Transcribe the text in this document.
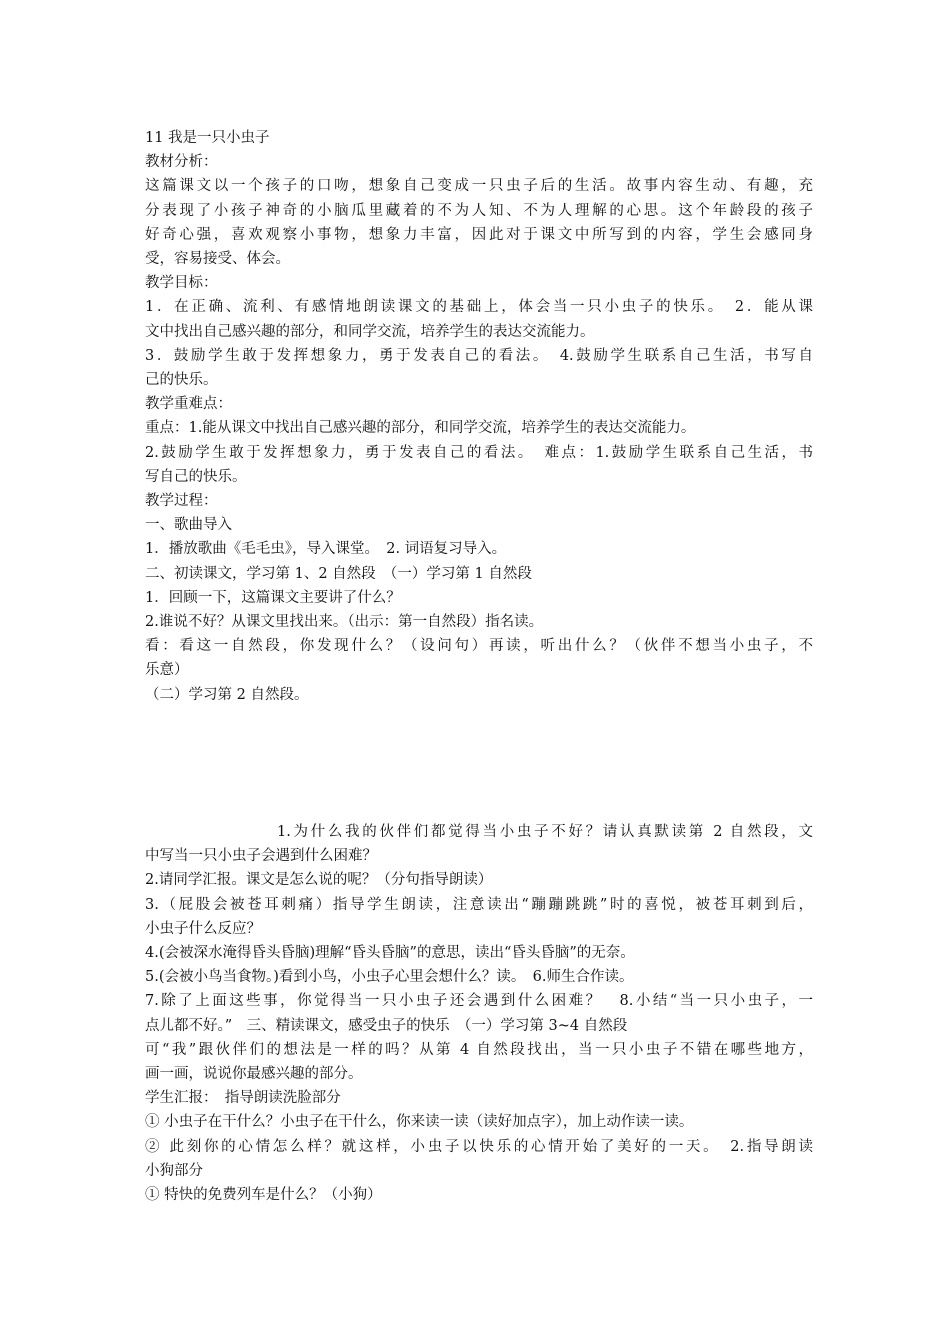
11 我是一只小虫子
教材分析：
这篇课文以一个孩子的口吻，想象自己变成一只虫子后的生活。故事内容生动、有趣，充
分表现了小孩子神奇的小脑瓜里藏着的不为人知、不为人理解的心思。这个年龄段的孩子
好奇心强，喜欢观察小事物，想象力丰富，因此对于课文中所写到的内容，学生会感同身
受，容易接受、体会。
教学目标：
1．在正确、流利、有感情地朗读课文的基础上，体会当一只小虫子的快乐。　2．能从课
文中找出自己感兴趣的部分，和同学交流，培养学生的表达交流能力。
3．鼓励学生敢于发挥想象力，勇于发表自己的看法。　4.鼓励学生联系自己生活，书写自
己的快乐。
教学重难点：
重点：1.能从课文中找出自己感兴趣的部分，和同学交流，培养学生的表达交流能力。
2.鼓励学生敢于发挥想象力，勇于发表自己的看法。　难点：1.鼓励学生联系自己生活，书
写自己的快乐。
教学过程：
一、歌曲导入
1．播放歌曲《毛毛虫》，导入课堂。　2. 词语复习导入。
二、初读课文，学习第 1、2 自然段　（一）学习第 1 自然段
1．回顾一下，这篇课文主要讲了什么？
2.谁说不好？从课文里找出来。（出示：第一自然段）指名读。
看：看这一自然段，你发现什么？（设问句）再读，听出什么？（伙伴不想当小虫子，不
乐意）
（二）学习第 2 自然段。
1.为什么我的伙伴们都觉得当小虫子不好？请认真默读第 2 自然段，文
中写当一只小虫子会遇到什么困难？
2.请同学汇报。课文是怎么说的呢？（分句指导朗读）
3.（屁股会被苍耳刺痛）指导学生朗读，注意读出“蹦蹦跳跳”时的喜悦，被苍耳刺到后，
小虫子什么反应？
4.(会被深水淹得昏头昏脑)理解“昏头昏脑”的意思，读出“昏头昏脑”的无奈。
5.(会被小鸟当食物。)看到小鸟，小虫子心里会想什么？读。　6.师生合作读。
7.除了上面这些事，你觉得当一只小虫子还会遇到什么困难？　8.小结“当一只小虫子，一
点儿都不好。”　三、精读课文，感受虫子的快乐　（一）学习第 3~4 自然段
可“我”跟伙伴们的想法是一样的吗？从第 4 自然段找出，当一只小虫子不错在哪些地方，
画一画，说说你最感兴趣的部分。
学生汇报：　指导朗读洗脸部分
① 小虫子在干什么？小虫子在干什么，你来读一读（读好加点字），加上动作读一读。
② 此刻你的心情怎么样？就这样，小虫子以快乐的心情开始了美好的一天。　2.指导朗读
小狗部分
① 特快的免费列车是什么？（小狗）
